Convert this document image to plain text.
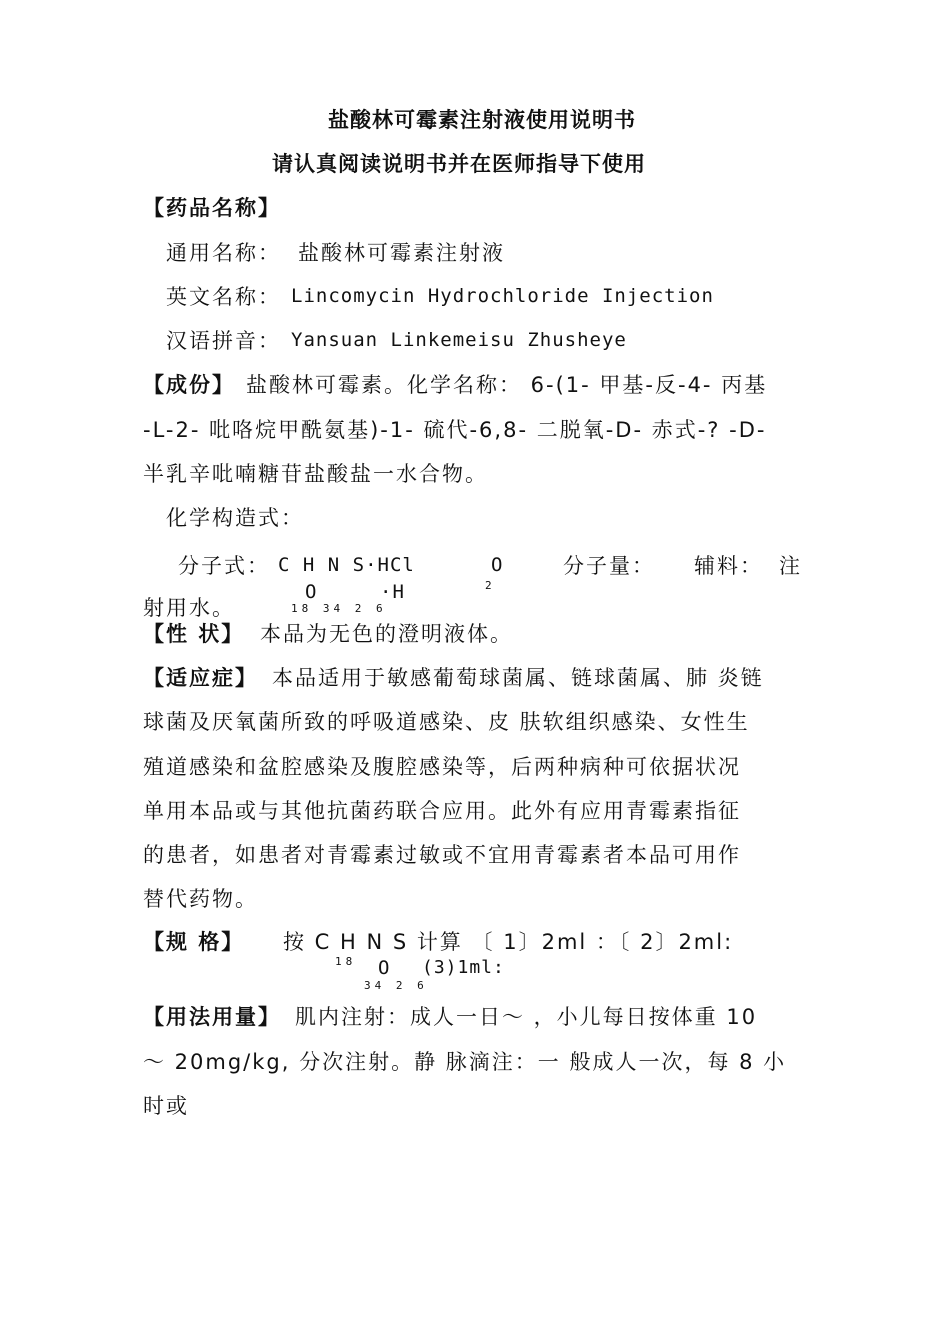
盐酸林可霉素注射液使用说明书
请认真阅读说明书并在医师指导下使用
【药品名称】
通用名称： 盐酸林可霉素注射液
英文名称： Lincomycin Hydrochloride Injection
汉语拼音： Yansuan Linkemeisu Zhusheye
【成份】 盐酸林可霉素。化学名称： 6-(1- 甲基-反-4- 丙基
-L-2- 吡咯烷甲酰氨基)-1- 硫代-6,8- 二脱氧-D- 赤式-? -D-
半乳辛吡喃糖苷盐酸盐一水合物。
化学构造式：
分子式： C H N S·HCl	O
2
O	·H
18 34 2 6
分子量： 辅料： 注
射用水。
【性 状】 本品为无色的澄明液体。
【适应症】 本品适用于敏感葡萄球菌属、链球菌属、肺 炎链
球菌及厌氧菌所致的呼吸道感染、皮 肤软组织感染、女性生
殖道感染和盆腔感染及腹腔感染等，后两种病种可依据状况
单用本品或与其他抗菌药联合应用。此外有应用青霉素指征
的患者，如患者对青霉素过敏或不宜用青霉素者本品可用作
替代药物。
【规 格】 按 C H N S 计算 〔 1〕2ml ：〔 2〕2ml:
18 O (3)1ml:
34 2 6
【用法用量】 肌内注射：成人一日～ ，小儿每日按体重 10
～ 20mg/kg, 分次注射。静 脉滴注：一 般成人一次，每 8 小
时或
